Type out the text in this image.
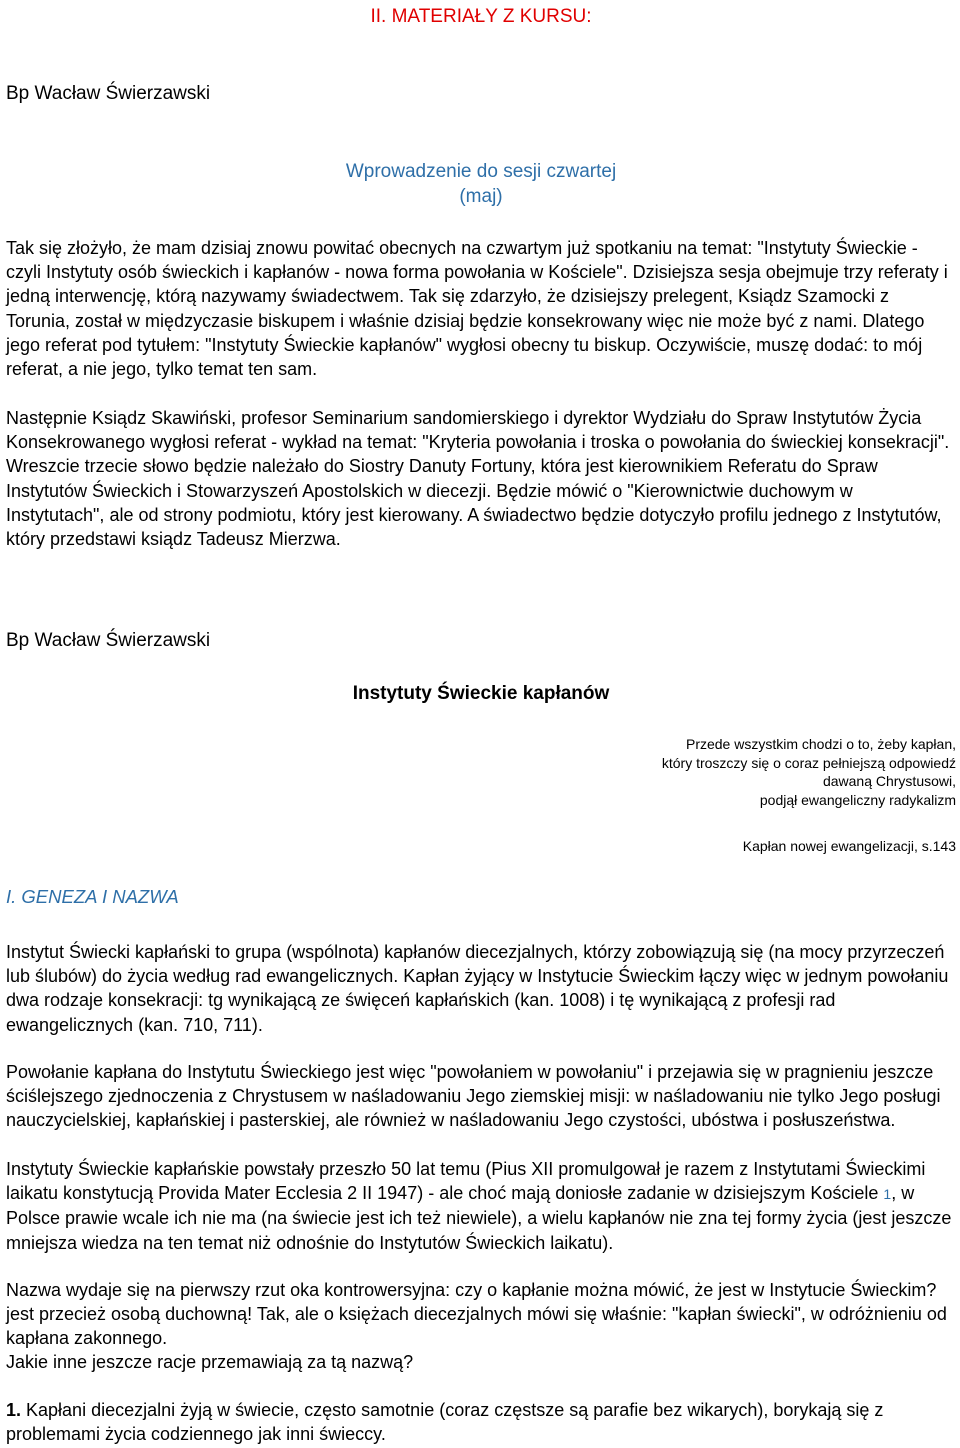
II. MATERIAŁY Z KURSU:
Bp Wacław Świerzawski
Wprowadzenie do sesji czwartej
(maj)

Tak się złożyło, że mam dzisiaj znowu powitać obecnych na czwartym już spotkaniu na temat: "Instytuty Świeckie - czyli Instytuty osób świeckich i kapłanów - nowa forma powołania w Kościele". Dzisiejsza sesja obejmuje trzy referaty i jedną interwencję, którą nazywamy świadectwem. Tak się zdarzyło, że dzisiejszy prelegent, Ksiądz Szamocki z Torunia, został w międzyczasie biskupem i właśnie dzisiaj będzie konsekrowany więc nie może być z nami. Dlatego jego referat pod tytułem: "Instytuty Świeckie kapłanów" wygłosi obecny tu biskup. Oczywiście, muszę dodać: to mój referat, a nie jego, tylko temat ten sam.

Następnie Ksiądz Skawiński, profesor Seminarium sandomierskiego i dyrektor Wydziału do Spraw Instytutów Życia Konsekrowanego wygłosi referat - wykład na temat: "Kryteria powołania i troska o powołania do świeckiej konsekracji". Wreszcie trzecie słowo będzie należało do Siostry Danuty Fortuny, która jest kierownikiem Referatu do Spraw Instytutów Świeckich i Stowarzyszeń Apostolskich w diecezji. Będzie mówić o "Kierownictwie duchowym w Instytutach", ale od strony podmiotu, który jest kierowany. A świadectwo będzie dotyczyło profilu jednego z Instytutów, który przedstawi ksiądz Tadeusz Mierzwa.

Bp Wacław Świerzawski
Instytuty Świeckie kapłanów
Przede wszystkim chodzi o to, żeby kapłan,
który troszczy się o coraz pełniejszą odpowiedź
dawaną Chrystusowi,
podjął ewangeliczny radykalizm
Kapłan nowej ewangelizacji, s.143
I. GENEZA I NAZWA

Instytut Świecki kapłański to grupa (wspólnota) kapłanów diecezjalnych, którzy zobowiązują się (na mocy przyrzeczeń lub ślubów) do życia według rad ewangelicznych. Kapłan żyjący w Instytucie Świeckim łączy więc w jednym powołaniu dwa rodzaje konsekracji: tg wynikającą ze święceń kapłańskich (kan. 1008) i tę wynikającą z profesji rad ewangelicznych (kan. 710, 711).

Powołanie kapłana do Instytutu Świeckiego jest więc "powołaniem w powołaniu" i przejawia się w pragnieniu jeszcze ściślejszego zjednoczenia z Chrystusem w naśladowaniu Jego ziemskiej misji: w naśladowaniu nie tylko Jego posługi nauczycielskiej, kapłańskiej i pasterskiej, ale również w naśladowaniu Jego czystości, ubóstwa i posłuszeństwa.

Instytuty Świeckie kapłańskie powstały przeszło 50 lat temu (Pius XII promulgował je razem z Instytutami Świeckimi laikatu konstytucją Provida Mater Ecclesia 2 II 1947) - ale choć mają doniosłe zadanie w dzisiejszym Kościele 1, w Polsce prawie wcale ich nie ma (na świecie jest ich też niewiele), a wielu kapłanów nie zna tej formy życia (jest jeszcze mniejsza wiedza na ten temat niż odnośnie do Instytutów Świeckich laikatu).

Nazwa wydaje się na pierwszy rzut oka kontrowersyjna: czy o kapłanie można mówić, że jest w Instytucie Świeckim? jest przecież osobą duchowną! Tak, ale o księżach diecezjalnych mówi się właśnie: "kapłan świecki", w odróżnieniu od kapłana zakonnego.

Jakie inne jeszcze racje przemawiają za tą nazwą?

1. Kapłani diecezjalni żyją w świecie, często samotnie (coraz częstsze są parafie bez wikarych), borykają się z problemami życia codziennego jak inni świeccy.
